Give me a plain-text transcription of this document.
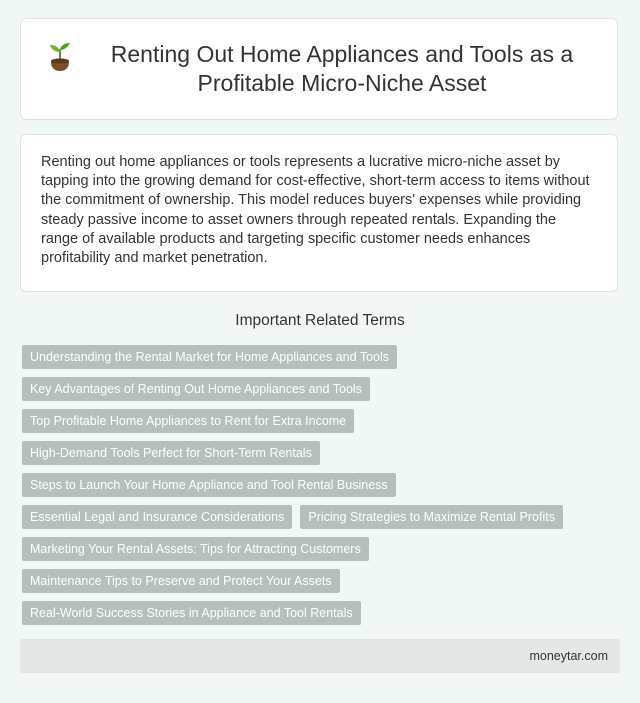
Renting Out Home Appliances and Tools as a Profitable Micro-Niche Asset

Renting out home appliances or tools represents a lucrative micro-niche asset by tapping into the growing demand for cost-effective, short-term access to items without the commitment of ownership. This model reduces buyers' expenses while providing steady passive income to asset owners through repeated rentals. Expanding the range of available products and targeting specific customer needs enhances profitability and market penetration.

Important Related Terms
Understanding the Rental Market for Home Appliances and Tools
Key Advantages of Renting Out Home Appliances and Tools
Top Profitable Home Appliances to Rent for Extra Income
High-Demand Tools Perfect for Short-Term Rentals
Steps to Launch Your Home Appliance and Tool Rental Business
Essential Legal and Insurance Considerations	Pricing Strategies to Maximize Rental Profits
Marketing Your Rental Assets: Tips for Attracting Customers
Maintenance Tips to Preserve and Protect Your Assets
Real-World Success Stories in Appliance and Tool Rentals
moneytar.com
